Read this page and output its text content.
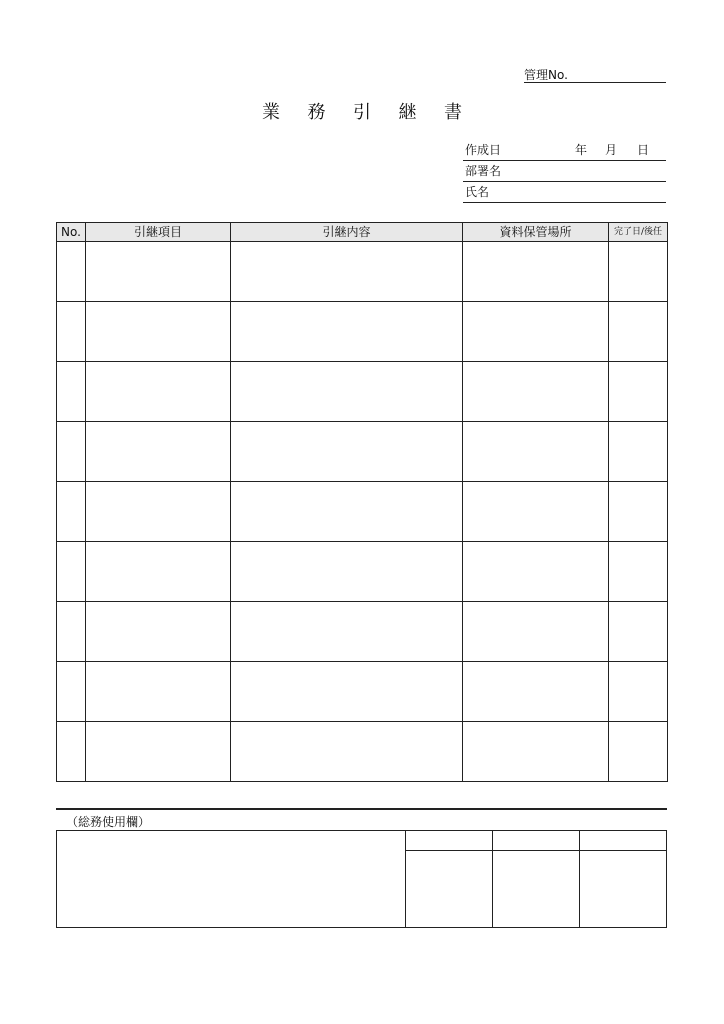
管理No.
業 務 引 継 書
作成日	年 月 日
部署名
氏名
No.	引継項目	引継内容	資料保管場所	完了日/後任

（総務使用欄）
